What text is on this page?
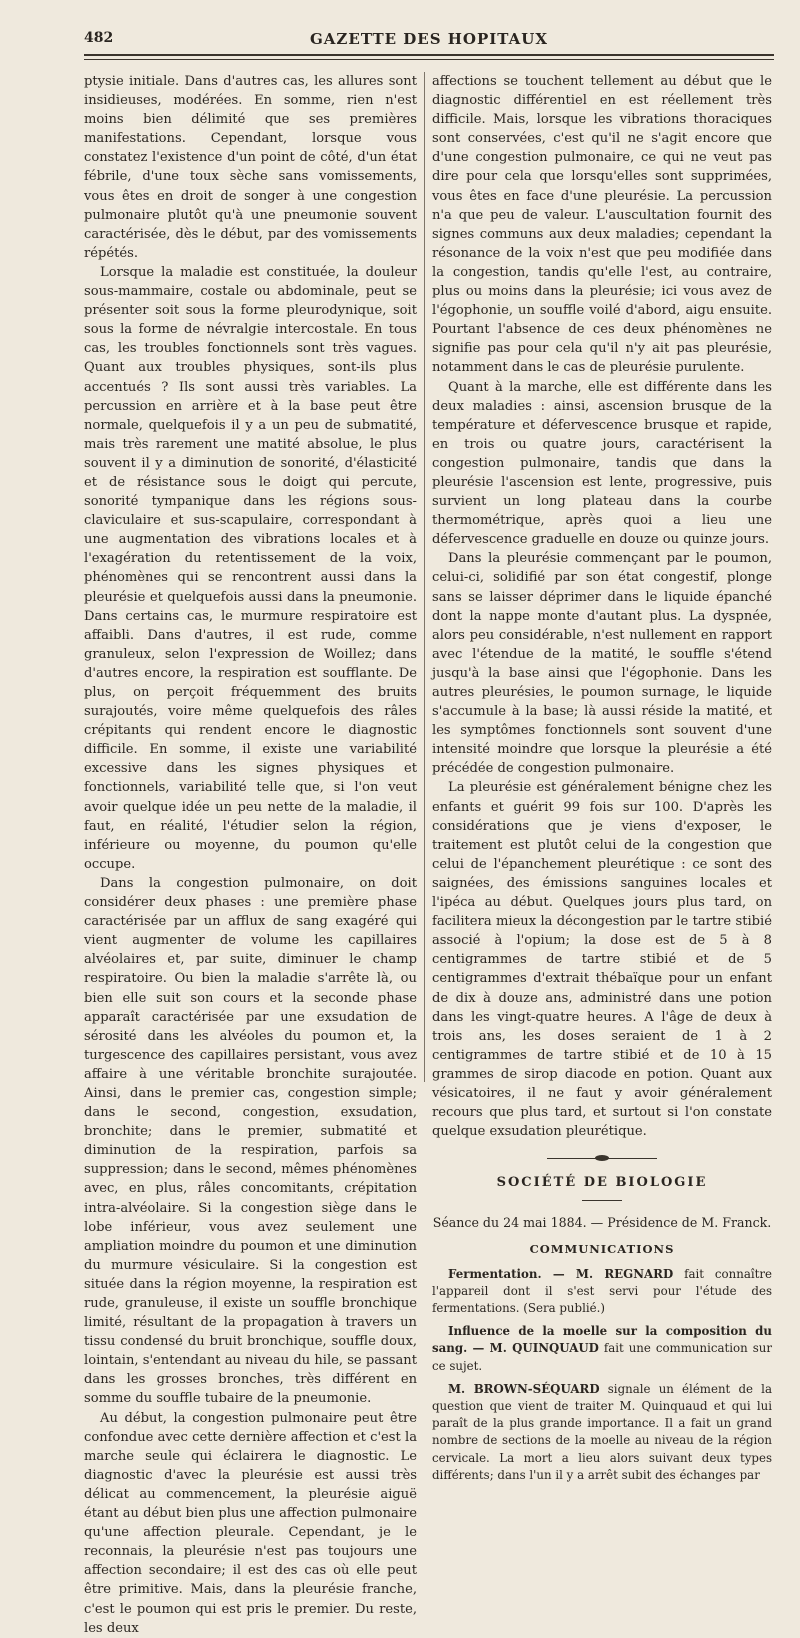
482	GAZETTE DES HOPITAUX

ptysie initiale. Dans d'autres cas, les allures sont insidieuses, modérées. En somme, rien n'est moins bien délimité que ses premières manifestations. Cependant, lorsque vous constatez l'existence d'un point de côté, d'un état fébrile, d'une toux sèche sans vomissements, vous êtes en droit de songer à une congestion pulmonaire plutôt qu'à une pneumonie souvent caractérisée, dès le début, par des vomissements répétés.

Lorsque la maladie est constituée, la douleur sous-mammaire, costale ou abdominale, peut se présenter soit sous la forme pleurodynique, soit sous la forme de névralgie intercostale. En tous cas, les troubles fonctionnels sont très vagues. Quant aux troubles physiques, sont-ils plus accentués ? Ils sont aussi très variables. La percussion en arrière et à la base peut être normale, quelquefois il y a un peu de submatité, mais très rarement une matité absolue, le plus souvent il y a diminution de sonorité, d'élasticité et de résistance sous le doigt qui percute, sonorité tympanique dans les régions sous-claviculaire et sus-scapulaire, correspondant à une augmentation des vibrations locales et à l'exagération du retentissement de la voix, phénomènes qui se rencontrent aussi dans la pleurésie et quelquefois aussi dans la pneumonie. Dans certains cas, le murmure respiratoire est affaibli. Dans d'autres, il est rude, comme granuleux, selon l'expression de Woillez; dans d'autres encore, la respiration est soufflante. De plus, on perçoit fréquemment des bruits surajoutés, voire même quelquefois des râles crépitants qui rendent encore le diagnostic difficile. En somme, il existe une variabilité excessive dans les signes physiques et fonctionnels, variabilité telle que, si l'on veut avoir quelque idée un peu nette de la maladie, il faut, en réalité, l'étudier selon la région, inférieure ou moyenne, du poumon qu'elle occupe.

Dans la congestion pulmonaire, on doit considérer deux phases : une première phase caractérisée par un afflux de sang exagéré qui vient augmenter de volume les capillaires alvéolaires et, par suite, diminuer le champ respiratoire. Ou bien la maladie s'arrête là, ou bien elle suit son cours et la seconde phase apparaît caractérisée par une exsudation de sérosité dans les alvéoles du poumon et, la turgescence des capillaires persistant, vous avez affaire à une véritable bronchite surajoutée. Ainsi, dans le premier cas, congestion simple; dans le second, congestion, exsudation, bronchite; dans le premier, submatité et diminution de la respiration, parfois sa suppression; dans le second, mêmes phénomènes avec, en plus, râles concomitants, crépitation intra-alvéolaire. Si la congestion siège dans le lobe inférieur, vous avez seulement une ampliation moindre du poumon et une diminution du murmure vésiculaire. Si la congestion est située dans la région moyenne, la respiration est rude, granuleuse, il existe un souffle bronchique limité, résultant de la propagation à travers un tissu condensé du bruit bronchique, souffle doux, lointain, s'entendant au niveau du hile, se passant dans les grosses bronches, très différent en somme du souffle tubaire de la pneumonie.

Au début, la congestion pulmonaire peut être confondue avec cette dernière affection et c'est la marche seule qui éclairera le diagnostic. Le diagnostic d'avec la pleurésie est aussi très délicat au commencement, la pleurésie aiguë étant au début bien plus une affection pulmonaire qu'une affection pleurale. Cependant, je le reconnais, la pleurésie n'est pas toujours une affection secondaire; il est des cas où elle peut être primitive. Mais, dans la pleurésie franche, c'est le poumon qui est pris le premier. Du reste, les deux

affections se touchent tellement au début que le diagnostic différentiel en est réellement très difficile. Mais, lorsque les vibrations thoraciques sont conservées, c'est qu'il ne s'agit encore que d'une congestion pulmonaire, ce qui ne veut pas dire pour cela que lorsqu'elles sont supprimées, vous êtes en face d'une pleurésie. La percussion n'a que peu de valeur. L'auscultation fournit des signes communs aux deux maladies; cependant la résonance de la voix n'est que peu modifiée dans la congestion, tandis qu'elle l'est, au contraire, plus ou moins dans la pleurésie; ici vous avez de l'égophonie, un souffle voilé d'abord, aigu ensuite. Pourtant l'absence de ces deux phénomènes ne signifie pas pour cela qu'il n'y ait pas pleurésie, notamment dans le cas de pleurésie purulente.

Quant à la marche, elle est différente dans les deux maladies : ainsi, ascension brusque de la température et défervescence brusque et rapide, en trois ou quatre jours, caractérisent la congestion pulmonaire, tandis que dans la pleurésie l'ascension est lente, progressive, puis survient un long plateau dans la courbe thermométrique, après quoi a lieu une défervescence graduelle en douze ou quinze jours.

Dans la pleurésie commençant par le poumon, celui-ci, solidifié par son état congestif, plonge sans se laisser déprimer dans le liquide épanché dont la nappe monte d'autant plus. La dyspnée, alors peu considérable, n'est nullement en rapport avec l'étendue de la matité, le souffle s'étend jusqu'à la base ainsi que l'égophonie. Dans les autres pleurésies, le poumon surnage, le liquide s'accumule à la base; là aussi réside la matité, et les symptômes fonctionnels sont souvent d'une intensité moindre que lorsque la pleurésie a été précédée de congestion pulmonaire.

La pleurésie est généralement bénigne chez les enfants et guérit 99 fois sur 100. D'après les considérations que je viens d'exposer, le traitement est plutôt celui de la congestion que celui de l'épanchement pleurétique : ce sont des saignées, des émissions sanguines locales et l'ipéca au début. Quelques jours plus tard, on facilitera mieux la décongestion par le tartre stibié associé à l'opium; la dose est de 5 à 8 centigrammes de tartre stibié et de 5 centigrammes d'extrait thébaïque pour un enfant de dix à douze ans, administré dans une potion dans les vingt-quatre heures. A l'âge de deux à trois ans, les doses seraient de 1 à 2 centigrammes de tartre stibié et de 10 à 15 grammes de sirop diacode en potion. Quant aux vésicatoires, il ne faut y avoir généralement recours que plus tard, et surtout si l'on constate quelque exsudation pleurétique.

SOCIÉTÉ DE BIOLOGIE

Séance du 24 mai 1884. — Présidence de M. Franck.

COMMUNICATIONS

Fermentation. — M. REGNARD fait connaître l'appareil dont il s'est servi pour l'étude des fermentations. (Sera publié.)

Influence de la moelle sur la composition du sang. — M. QUINQUAUD fait une communication sur ce sujet.

M. BROWN-SÉQUARD signale un élément de la question que vient de traiter M. Quinquaud et qui lui paraît de la plus grande importance. Il a fait un grand nombre de sections de la moelle au niveau de la région cervicale. La mort a lieu alors suivant deux types différents; dans l'un il y a arrêt subit des échanges par
